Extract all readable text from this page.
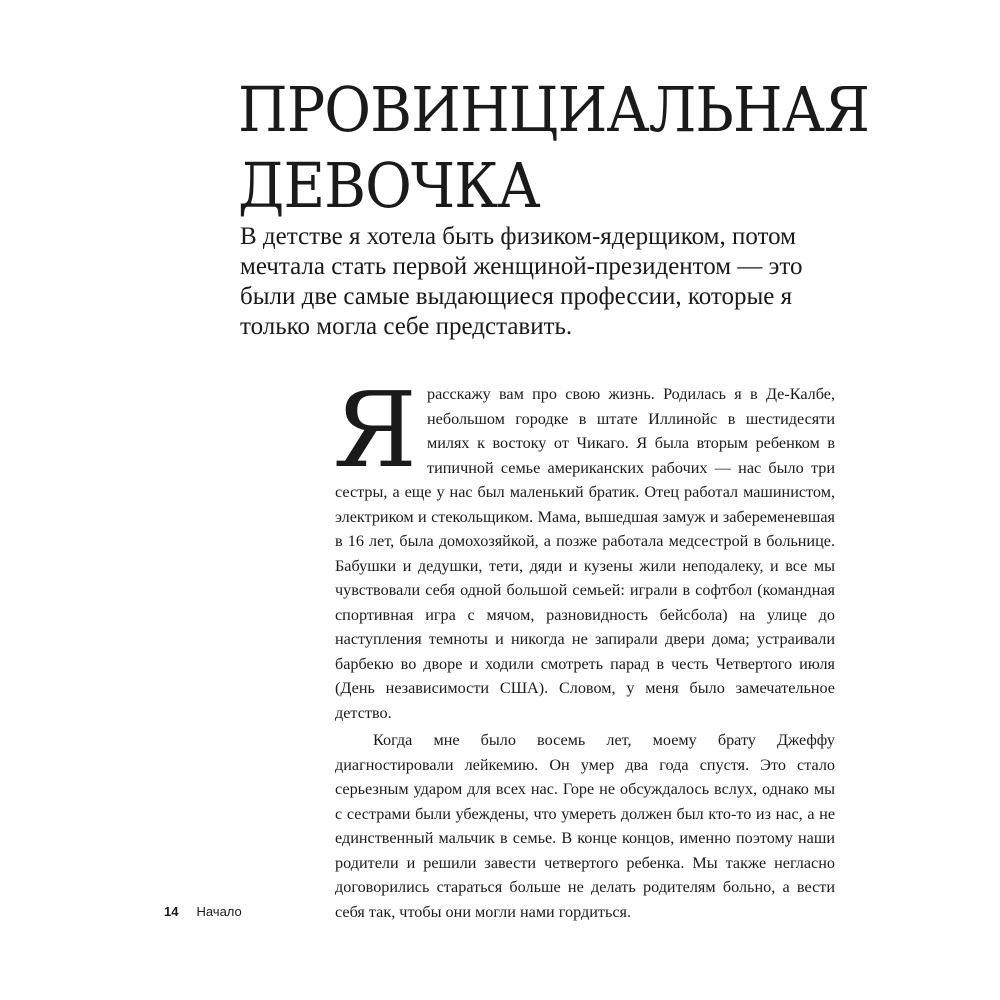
ПРОВИНЦИАЛЬНАЯ
ДЕВОЧКА

В детстве я хотела быть физиком-ядерщиком, потом мечтала стать первой женщиной-президентом — это были две самые выдающиеся профессии, которые я только могла себе представить.

Ярасскажу вам про свою жизнь. Родилась я в Де-Калбе, небольшом городке в штате Иллинойс в шестидесяти милях к востоку от Чикаго. Я была вторым ребенком в типичной семье американских рабочих — нас было три сестры, а еще у нас был маленький братик. Отец работал машинистом, электриком и стекольщиком. Мама, вышедшая замуж и забеременевшая в 16 лет, была домохозяйкой, а позже работала медсестрой в больнице. Бабушки и дедушки, тети, дяди и кузены жили неподалеку, и все мы чувствовали себя одной большой семьей: играли в софтбол (командная спортивная игра с мячом, разновидность бейсбола) на улице до наступления темноты и никогда не запирали двери дома; устраивали барбекю во дворе и ходили смотреть парад в честь Четвертого июля (День независимости США). Словом, у меня было замечательное детство.

Когда мне было восемь лет, моему брату Джеффу диагностировали лейкемию. Он умер два года спустя. Это стало серьезным ударом для всех нас. Горе не обсуждалось вслух, однако мы с сестрами были убеждены, что умереть должен был кто-то из нас, а не единственный мальчик в семье. В конце концов, именно поэтому наши родители и решили завести четвертого ребенка. Мы также негласно договорились стараться больше не делать родителям больно, а вести себя так, чтобы они могли нами гордиться.

14 Начало
